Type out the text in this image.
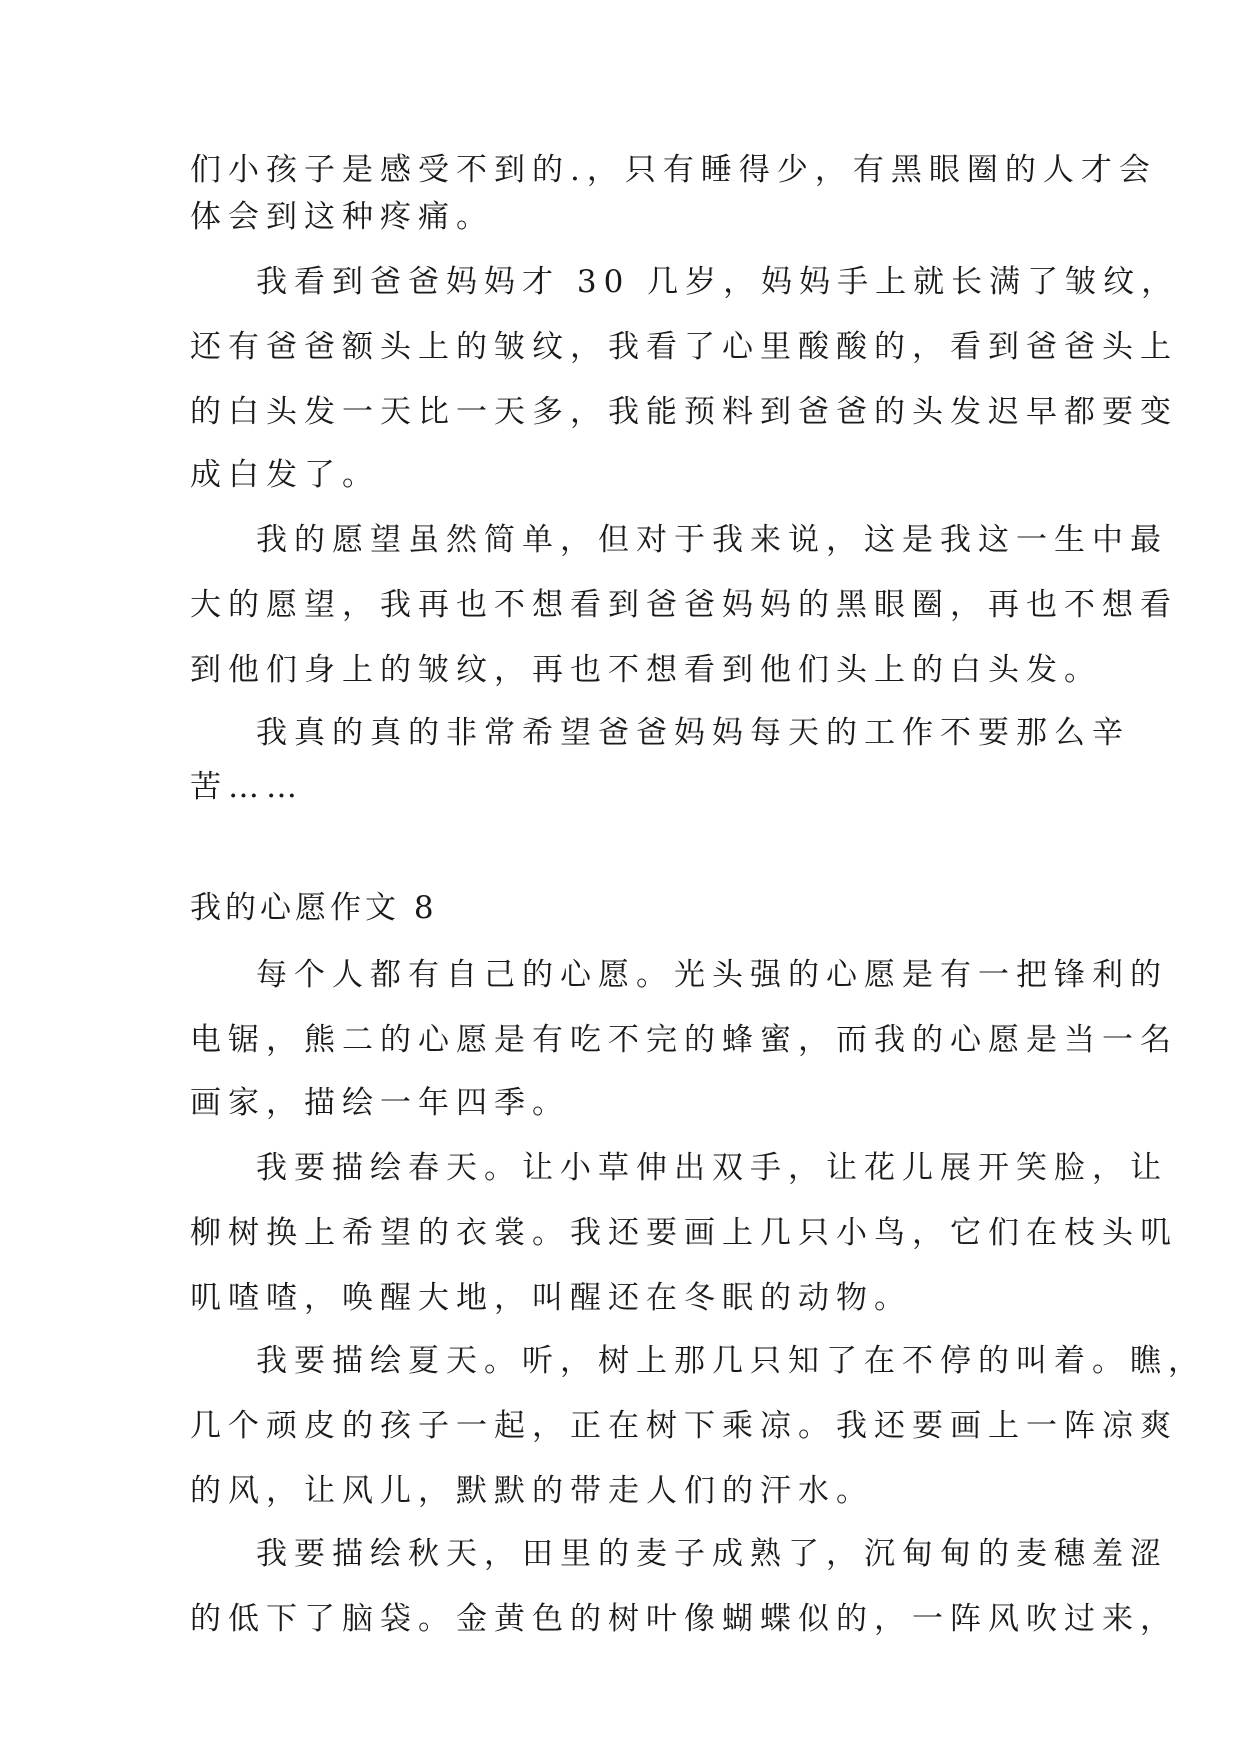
们小孩子是感受不到的.，只有睡得少，有黑眼圈的人才会
体会到这种疼痛。
我看到爸爸妈妈才 30 几岁，妈妈手上就长满了皱纹，
还有爸爸额头上的皱纹，我看了心里酸酸的，看到爸爸头上
的白头发一天比一天多，我能预料到爸爸的头发迟早都要变
成白发了。
我的愿望虽然简单，但对于我来说，这是我这一生中最
大的愿望，我再也不想看到爸爸妈妈的黑眼圈，再也不想看
到他们身上的皱纹，再也不想看到他们头上的白头发。
我真的真的非常希望爸爸妈妈每天的工作不要那么辛
苦……
我的心愿作文 8
每个人都有自己的心愿。光头强的心愿是有一把锋利的
电锯，熊二的心愿是有吃不完的蜂蜜，而我的心愿是当一名
画家，描绘一年四季。
我要描绘春天。让小草伸出双手，让花儿展开笑脸，让
柳树换上希望的衣裳。我还要画上几只小鸟，它们在枝头叽
叽喳喳，唤醒大地，叫醒还在冬眠的动物。
我要描绘夏天。听，树上那几只知了在不停的叫着。瞧，
几个顽皮的孩子一起，正在树下乘凉。我还要画上一阵凉爽
的风，让风儿，默默的带走人们的汗水。
我要描绘秋天，田里的麦子成熟了，沉甸甸的麦穗羞涩
的低下了脑袋。金黄色的树叶像蝴蝶似的，一阵风吹过来，
